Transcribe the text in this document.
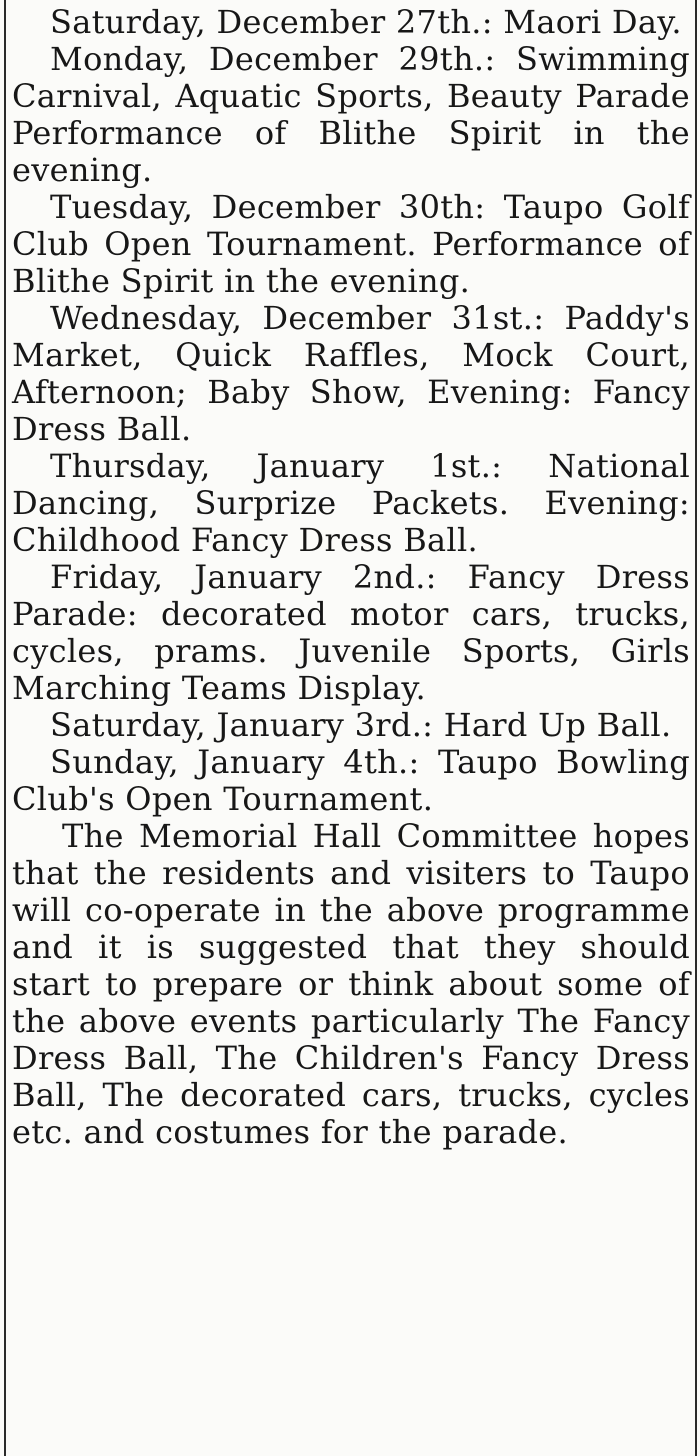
Saturday, December 27th.: Maori Day.

Monday, December 29th.: Swimming Carnival, Aquatic Sports, Beauty Parade Performance of Blithe Spirit in the evening.

Tuesday, December 30th: Taupo Golf Club Open Tournament. Performance of Blithe Spirit in the evening.

Wednesday, December 31st.: Paddy's Market, Quick Raffles, Mock Court, Afternoon; Baby Show, Evening: Fancy Dress Ball.

Thursday, January 1st.: National Dancing, Surprize Packets. Evening: Childhood Fancy Dress Ball.

Friday, January 2nd.: Fancy Dress Parade: decorated motor cars, trucks, cycles, prams. Juvenile Sports, Girls Marching Teams Display.

Saturday, January 3rd.: Hard Up Ball.

Sunday, January 4th.: Taupo Bowling Club's Open Tournament.

The Memorial Hall Committee hopes that the residents and visiters to Taupo will co-operate in the above programme and it is suggested that they should start to prepare or think about some of the above events particularly The Fancy Dress Ball, The Children's Fancy Dress Ball, The decorated cars, trucks, cycles etc. and costumes for the parade.
